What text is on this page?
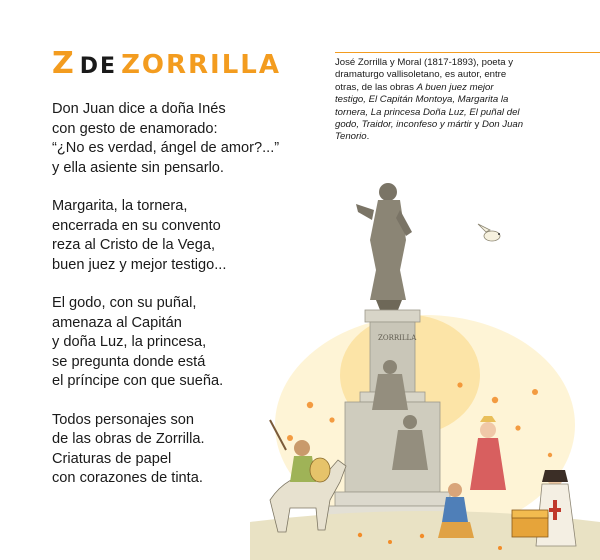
Z DE ZORRILLA
Don Juan dice a doña Inés
con gesto de enamorado:
“¿No es verdad, ángel de amor?...”
y ella asiente sin pensarlo.
Margarita, la tornera,
encerrada en su convento
reza al Cristo de la Vega,
buen juez y mejor testigo...
El godo, con su puñal,
amenaza al Capitán
y doña Luz, la princesa,
se pregunta donde está
el príncipe con que sueña.
Todos personajes son
de las obras de Zorrilla.
Criaturas de papel
con corazones de tinta.

José Zorrilla y Moral (1817-1893), poeta y dramaturgo vallisoletano, es autor, entre otras, de las obras A buen juez mejor testigo, El Capitán Montoya, Margarita la tornera, La princesa Doña Luz, El puñal del godo, Traidor, inconfeso y mártir y Don Juan Tenorio.

ZORRILLA
